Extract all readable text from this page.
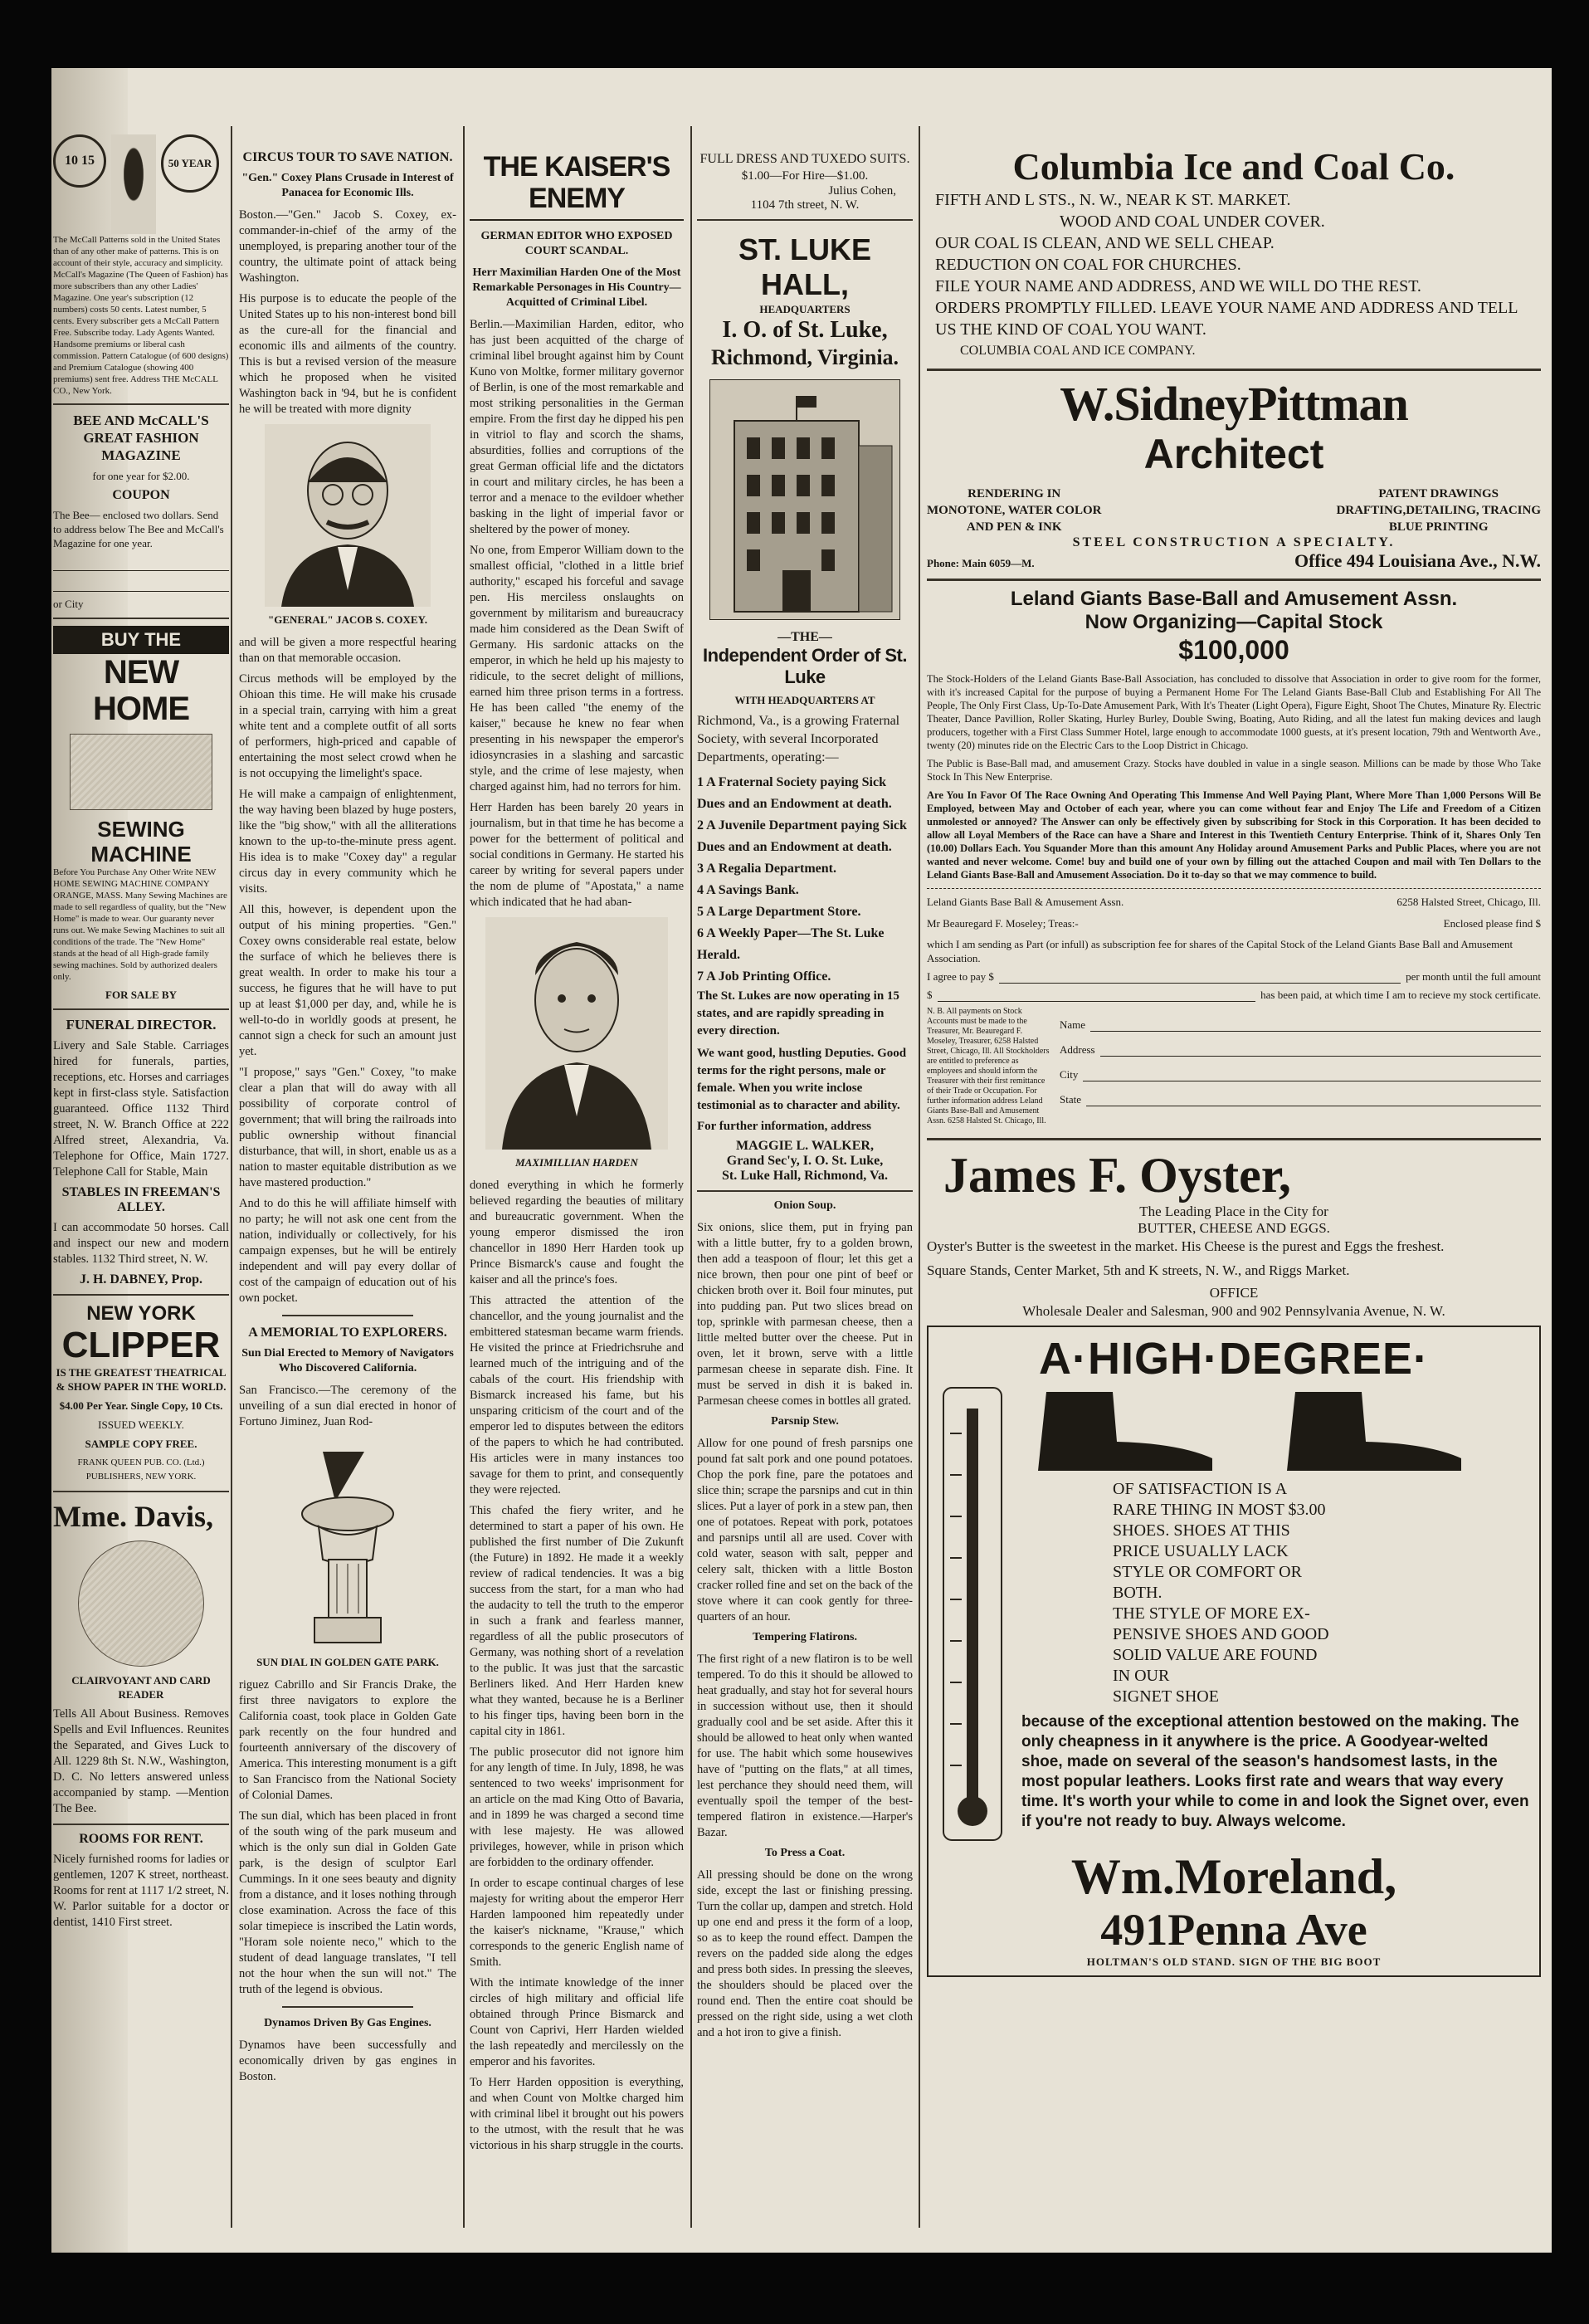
10 15	50 YEAR

The McCall Patterns sold in the United States than of any other make of patterns. This is on account of their style, accuracy and simplicity. McCall's Magazine (The Queen of Fashion) has more subscribers than any other Ladies' Magazine. One year's subscription (12 numbers) costs 50 cents. Latest number, 5 cents. Every subscriber gets a McCall Pattern Free. Subscribe today. Lady Agents Wanted. Handsome premiums or liberal cash commission. Pattern Catalogue (of 600 designs) and Premium Catalogue (showing 400 premiums) sent free. Address THE McCALL CO., New York.

BEE AND McCALL'S GREAT FASHION MAGAZINE

for one year for $2.00.

COUPON

The Bee— enclosed two dollars. Send to address below The Bee and McCall's Magazine for one year.

or City

BUY THE
NEW HOME
SEWING MACHINE

Before You Purchase Any Other Write NEW HOME SEWING MACHINE COMPANY ORANGE, MASS. Many Sewing Machines are made to sell regardless of quality, but the "New Home" is made to wear. Our guaranty never runs out. We make Sewing Machines to suit all conditions of the trade. The "New Home" stands at the head of all High-grade family sewing machines. Sold by authorized dealers only.

FOR SALE BY

FUNERAL DIRECTOR.

Livery and Sale Stable. Carriages hired for funerals, parties, receptions, etc. Horses and carriages kept in first-class style. Satisfaction guaranteed. Office 1132 Third street, N. W. Branch Office at 222 Alfred street, Alexandria, Va. Telephone for Office, Main 1727. Telephone Call for Stable, Main

STABLES IN FREEMAN'S ALLEY.

I can accommodate 50 horses. Call and inspect our new and modern stables. 1132 Third street, N. W.

J. H. DABNEY, Prop.

NEW YORK
CLIPPER

IS THE GREATEST THEATRICAL & SHOW PAPER IN THE WORLD.

$4.00 Per Year. Single Copy, 10 Cts.

ISSUED WEEKLY.

SAMPLE COPY FREE.

FRANK QUEEN PUB. CO. (Ltd.) PUBLISHERS, NEW YORK.

Mme. Davis,

CLAIRVOYANT AND CARD READER

Tells All About Business. Removes Spells and Evil Influences. Reunites the Separated, and Gives Luck to All. 1229 8th St. N.W., Washington, D. C. No letters answered unless accompanied by stamp. —Mention The Bee.

ROOMS FOR RENT.

Nicely furnished rooms for ladies or gentlemen, 1207 K street, northeast. Rooms for rent at 1117 1/2 street, N. W. Parlor suitable for a doctor or dentist, 1410 First street.

CIRCUS TOUR TO SAVE NATION.
"Gen." Coxey Plans Crusade in Interest of Panacea for Economic Ills.

Boston.—"Gen." Jacob S. Coxey, ex-commander-in-chief of the army of the unemployed, is preparing another tour of the country, the ultimate point of attack being Washington.

His purpose is to educate the people of the United States up to his non-interest bond bill as the cure-all for the financial and economic ills and ailments of the country. This is but a revised version of the measure which he proposed when he visited Washington back in '94, but he is confident he will be treated with more dignity

"GENERAL" JACOB S. COXEY.

and will be given a more respectful hearing than on that memorable occasion.

Circus methods will be employed by the Ohioan this time. He will make his crusade in a special train, carrying with him a great white tent and a complete outfit of all sorts of performers, high-priced and capable of entertaining the most select crowd when he is not occupying the limelight's space.

He will make a campaign of enlightenment, the way having been blazed by huge posters, like the "big show," with all the alliterations known to the up-to-the-minute press agent. His idea is to make "Coxey day" a regular circus day in every community which he visits.

All this, however, is dependent upon the output of his mining properties. "Gen." Coxey owns considerable real estate, below the surface of which he believes there is great wealth. In order to make his tour a success, he figures that he will have to put up at least $1,000 per day, and, while he is well-to-do in worldly goods at present, he cannot sign a check for such an amount just yet.

"I propose," says "Gen." Coxey, "to make clear a plan that will do away with all possibility of corporate control of government; that will bring the railroads into public ownership without financial disturbance, that will, in short, enable us as a nation to master equitable distribution as we have mastered production."

And to do this he will affiliate himself with no party; he will not ask one cent from the nation, individually or collectively, for his campaign expenses, but he will be entirely independent and will pay every dollar of cost of the campaign of education out of his own pocket.

A MEMORIAL TO EXPLORERS.
Sun Dial Erected to Memory of Navigators Who Discovered California.

San Francisco.—The ceremony of the unveiling of a sun dial erected in honor of Fortuno Jiminez, Juan Rod-

SUN DIAL IN GOLDEN GATE PARK.

riguez Cabrillo and Sir Francis Drake, the first three navigators to explore the California coast, took place in Golden Gate park recently on the four hundred and fourteenth anniversary of the discovery of America. This interesting monument is a gift to San Francisco from the National Society of Colonial Dames.

The sun dial, which has been placed in front of the south wing of the park museum and which is the only sun dial in Golden Gate park, is the design of sculptor Earl Cummings. In it one sees beauty and dignity from a distance, and it loses nothing through close examination. Across the face of this solar timepiece is inscribed the Latin words, "Horam sole noiente neco," which to the student of dead language translates, "I tell not the hour when the sun will not." The truth of the legend is obvious.

Dynamos Driven By Gas Engines.

Dynamos have been successfully and economically driven by gas engines in Boston.

THE KAISER'S ENEMY
GERMAN EDITOR WHO EXPOSED COURT SCANDAL.
Herr Maximilian Harden One of the Most Remarkable Personages in His Country—Acquitted of Criminal Libel.

Berlin.—Maximilian Harden, editor, who has just been acquitted of the charge of criminal libel brought against him by Count Kuno von Moltke, former military governor of Berlin, is one of the most remarkable and most striking personalities in the German empire. From the first day he dipped his pen in vitriol to flay and scorch the shams, absurdities, follies and corruptions of the great German official life and the dictators in court and military circles, he has been a terror and a menace to the evildoer whether basking in the light of imperial favor or sheltered by the power of money.

No one, from Emperor William down to the smallest official, "clothed in a little brief authority," escaped his forceful and savage pen. His merciless onslaughts on government by militarism and bureaucracy made him considered as the Dean Swift of Germany. His sardonic attacks on the emperor, in which he held up his majesty to ridicule, to the secret delight of millions, earned him three prison terms in a fortress. He has been called "the enemy of the kaiser," because he knew no fear when presenting in his newspaper the emperor's idiosyncrasies in a slashing and sarcastic style, and the crime of lese majesty, when charged against him, had no terrors for him.

Herr Harden has been barely 20 years in journalism, but in that time he has become a power for the betterment of political and social conditions in Germany. He started his career by writing for several papers under the nom de plume of "Apostata," a name which indicated that he had aban-

MAXIMILLIAN HARDEN

doned everything in which he formerly believed regarding the beauties of military and bureaucratic government. When the young emperor dismissed the iron chancellor in 1890 Herr Harden took up Prince Bismarck's cause and fought the kaiser and all the prince's foes.

This attracted the attention of the chancellor, and the young journalist and the embittered statesman became warm friends. He visited the prince at Friedrichsruhe and learned much of the intriguing and of the cabals of the court. His friendship with Bismarck increased his fame, but his unsparing criticism of the court and of the emperor led to disputes between the editors of the papers to which he had contributed. His articles were in many instances too savage for them to print, and consequently they were rejected.

This chafed the fiery writer, and he determined to start a paper of his own. He published the first number of Die Zukunft (the Future) in 1892. He made it a weekly review of radical tendencies. It was a big success from the start, for a man who had the audacity to tell the truth to the emperor in such a frank and fearless manner, regardless of all the public prosecutors of Germany, was nothing short of a revelation to the public. It was just that the sarcastic Berliners liked. And Herr Harden knew what they wanted, because he is a Berliner to his finger tips, having been born in the capital city in 1861.

The public prosecutor did not ignore him for any length of time. In July, 1898, he was sentenced to two weeks' imprisonment for an article on the mad King Otto of Bavaria, and in 1899 he was charged a second time with lese majesty. He was allowed privileges, however, while in prison which are forbidden to the ordinary offender.

In order to escape continual charges of lese majesty for writing about the emperor Herr Harden lampooned him repeatedly under the kaiser's nickname, "Krause," which corresponds to the generic English name of Smith.

With the intimate knowledge of the inner circles of high military and official life obtained through Prince Bismarck and Count von Caprivi, Herr Harden wielded the lash repeatedly and mercilessly on the emperor and his favorites.

To Herr Harden opposition is everything, and when Count von Moltke charged him with criminal libel it brought out his powers to the utmost, with the result that he was victorious in his sharp struggle in the courts.

FULL DRESS AND TUXEDO SUITS.
$1.00—For Hire—$1.00.
Julius Cohen,
1104 7th street, N. W.
ST. LUKE HALL,
HEADQUARTERS
I. O. of St. Luke,
Richmond, Virginia.
—THE—
Independent Order of St. Luke
WITH HEADQUARTERS AT

Richmond, Va., is a growing Fraternal Society, with several Incorporated Departments, operating:—

1 A Fraternal Society paying Sick Dues and an Endowment at death.
2 A Juvenile Department paying Sick Dues and an Endowment at death.
3 A Regalia Department.
4 A Savings Bank.
5 A Large Department Store.
6 A Weekly Paper—The St. Luke Herald.
7 A Job Printing Office.

The St. Lukes are now operating in 15 states, and are rapidly spreading in every direction.

We want good, hustling Deputies. Good terms for the right persons, male or female. When you write inclose testimonial as to character and ability.

For further information, address

MAGGIE L. WALKER,
Grand Sec'y, I. O. St. Luke,
St. Luke Hall, Richmond, Va.
Onion Soup.

Six onions, slice them, put in frying pan with a little butter, fry to a golden brown, then add a teaspoon of flour; let this get a nice brown, then pour one pint of beef or chicken broth over it. Boil four minutes, put into pudding pan. Put two slices bread on top, sprinkle with parmesan cheese, then a little melted butter over the cheese. Put in oven, let it brown, serve with a little parmesan cheese in separate dish. Fine. It must be served in dish it is baked in. Parmesan cheese comes in bottles all grated.

Parsnip Stew.

Allow for one pound of fresh parsnips one pound fat salt pork and one pound potatoes. Chop the pork fine, pare the potatoes and slice thin; scrape the parsnips and cut in thin slices. Put a layer of pork in a stew pan, then one of potatoes. Repeat with pork, potatoes and parsnips until all are used. Cover with cold water, season with salt, pepper and celery salt, thicken with a little Boston cracker rolled fine and set on the back of the stove where it can cook gently for three-quarters of an hour.

Tempering Flatirons.

The first right of a new flatiron is to be well tempered. To do this it should be allowed to heat gradually, and stay hot for several hours in succession without use, then it should gradually cool and be set aside. After this it should be allowed to heat only when wanted for use. The habit which some housewives have of "putting on the flats," at all times, lest perchance they should need them, will eventually spoil the temper of the best-tempered flatiron in existence.—Harper's Bazar.

To Press a Coat.

All pressing should be done on the wrong side, except the last or finishing pressing. Turn the collar up, dampen and stretch. Hold up one end and press it the form of a loop, so as to keep the round effect. Dampen the revers on the padded side along the edges and press both sides. In pressing the sleeves, the shoulders should be placed over the round end. Then the entire coat should be pressed on the right side, using a wet cloth and a hot iron to give a finish.

Columbia Ice and Coal Co.
FIFTH AND L STS., N. W., NEAR K ST. MARKET.
WOOD AND COAL UNDER COVER.
OUR COAL IS CLEAN, AND WE SELL CHEAP.
REDUCTION ON COAL FOR CHURCHES.
FILE YOUR NAME AND ADDRESS, AND WE WILL DO THE REST.
ORDERS PROMPTLY FILLED. LEAVE YOUR NAME AND ADDRESS AND TELL US THE KIND OF COAL YOU WANT.
COLUMBIA COAL AND ICE COMPANY.
W.SidneyPittman
Architect
RENDERING IN
MONOTONE, WATER COLOR
AND PEN & INK
PATENT DRAWINGS
DRAFTING,DETAILING, TRACING
BLUE PRINTING
STEEL CONSTRUCTION A SPECIALTY.
Phone: Main 6059—M.	Office 494 Louisiana Ave., N.W.
Leland Giants Base-Ball and Amusement Assn.
Now Organizing—Capital Stock
$100,000

The Stock-Holders of the Leland Giants Base-Ball Association, has concluded to dissolve that Association in order to give room for the former, with it's increased Capital for the purpose of buying a Permanent Home For The Leland Giants Base-Ball Club and Establishing For All The People, The Only First Class, Up-To-Date Amusement Park, With It's Theater (Light Opera), Figure Eight, Shoot The Chutes, Minature Ry. Electric Theater, Dance Pavillion, Roller Skating, Hurley Burley, Double Swing, Boating, Auto Riding, and all the latest fun making devices and laugh producers, together with a First Class Summer Hotel, large enough to accommodate 1000 guests, at it's present location, 79th and Wentworth Ave., twenty (20) minutes ride on the Electric Cars to the Loop District in Chicago.

The Public is Base-Ball mad, and amusement Crazy. Stocks have doubled in value in a single season. Millions can be made by those Who Take Stock In This New Enterprise.

Are You In Favor Of The Race Owning And Operating This Immense And Well Paying Plant, Where More Than 1,000 Persons Will Be Employed, between May and October of each year, where you can come without fear and Enjoy The Life and Freedom of a Citizen unmolested or annoyed? The Answer can only be effectively given by subscribing for Stock in this Corporation. It has been decided to allow all Loyal Members of the Race can have a Share and Interest in this Twentieth Century Enterprise. Think of it, Shares Only Ten (10.00) Dollars Each. You Squander More than this amount Any Holiday around Amusement Parks and Public Places, where you are not wanted and never welcome. Come! buy and build one of your own by filling out the attached Coupon and mail with Ten Dollars to the Leland Giants Base-Ball and Amusement Association. Do it to-day so that we may commence to build.

Leland Giants Base Ball & Amusement Assn.	6258 Halsted Street, Chicago, Ill.
Mr Beauregard F. Moseley; Treas:-	Enclosed please find $

which I am sending as Part (or infull) as subscription fee for shares of the Capital Stock of the Leland Giants Base Ball and Amusement Association.

I agree to pay $	per month until the full amount
$	has been paid, at which time I am to recieve my stock certificate.

N. B. All payments on Stock Accounts must be made to the Treasurer, Mr. Beauregard F. Moseley, Treasurer, 6258 Halsted Street, Chicago, Ill. All Stockholders are entitled to preference as employees and should inform the Treasurer with their first remittance of their Trade or Occupation. For further information address Leland Giants Base-Ball and Amusement Assn. 6258 Halsted St. Chicago, Ill.

Name
Address
City
State
James F. Oyster,
The Leading Place in the City for
BUTTER, CHEESE AND EGGS.

Oyster's Butter is the sweetest in the market. His Cheese is the purest and Eggs the freshest.

Square Stands, Center Market, 5th and K streets, N. W., and Riggs Market.

OFFICE

Wholesale Dealer and Salesman, 900 and 902 Pennsylvania Avenue, N. W.

A·HIGH·DEGREE·
OF SATISFACTION IS A
RARE THING IN MOST $3.00
SHOES. SHOES AT THIS
PRICE USUALLY LACK
STYLE OR COMFORT OR
BOTH.
THE STYLE OF MORE EX-
PENSIVE SHOES AND GOOD
SOLID VALUE ARE FOUND
IN OUR
SIGNET SHOE

because of the exceptional attention bestowed on the making. The only cheapness in it anywhere is the price. A Goodyear-welted shoe, made on several of the season's handsomest lasts, in the most popular leathers. Looks first rate and wears that way every time. It's worth your while to come in and look the Signet over, even if you're not ready to buy. Always welcome.

Wm.Moreland,
491Penna Ave
HOLTMAN'S OLD STAND. SIGN OF THE BIG BOOT
